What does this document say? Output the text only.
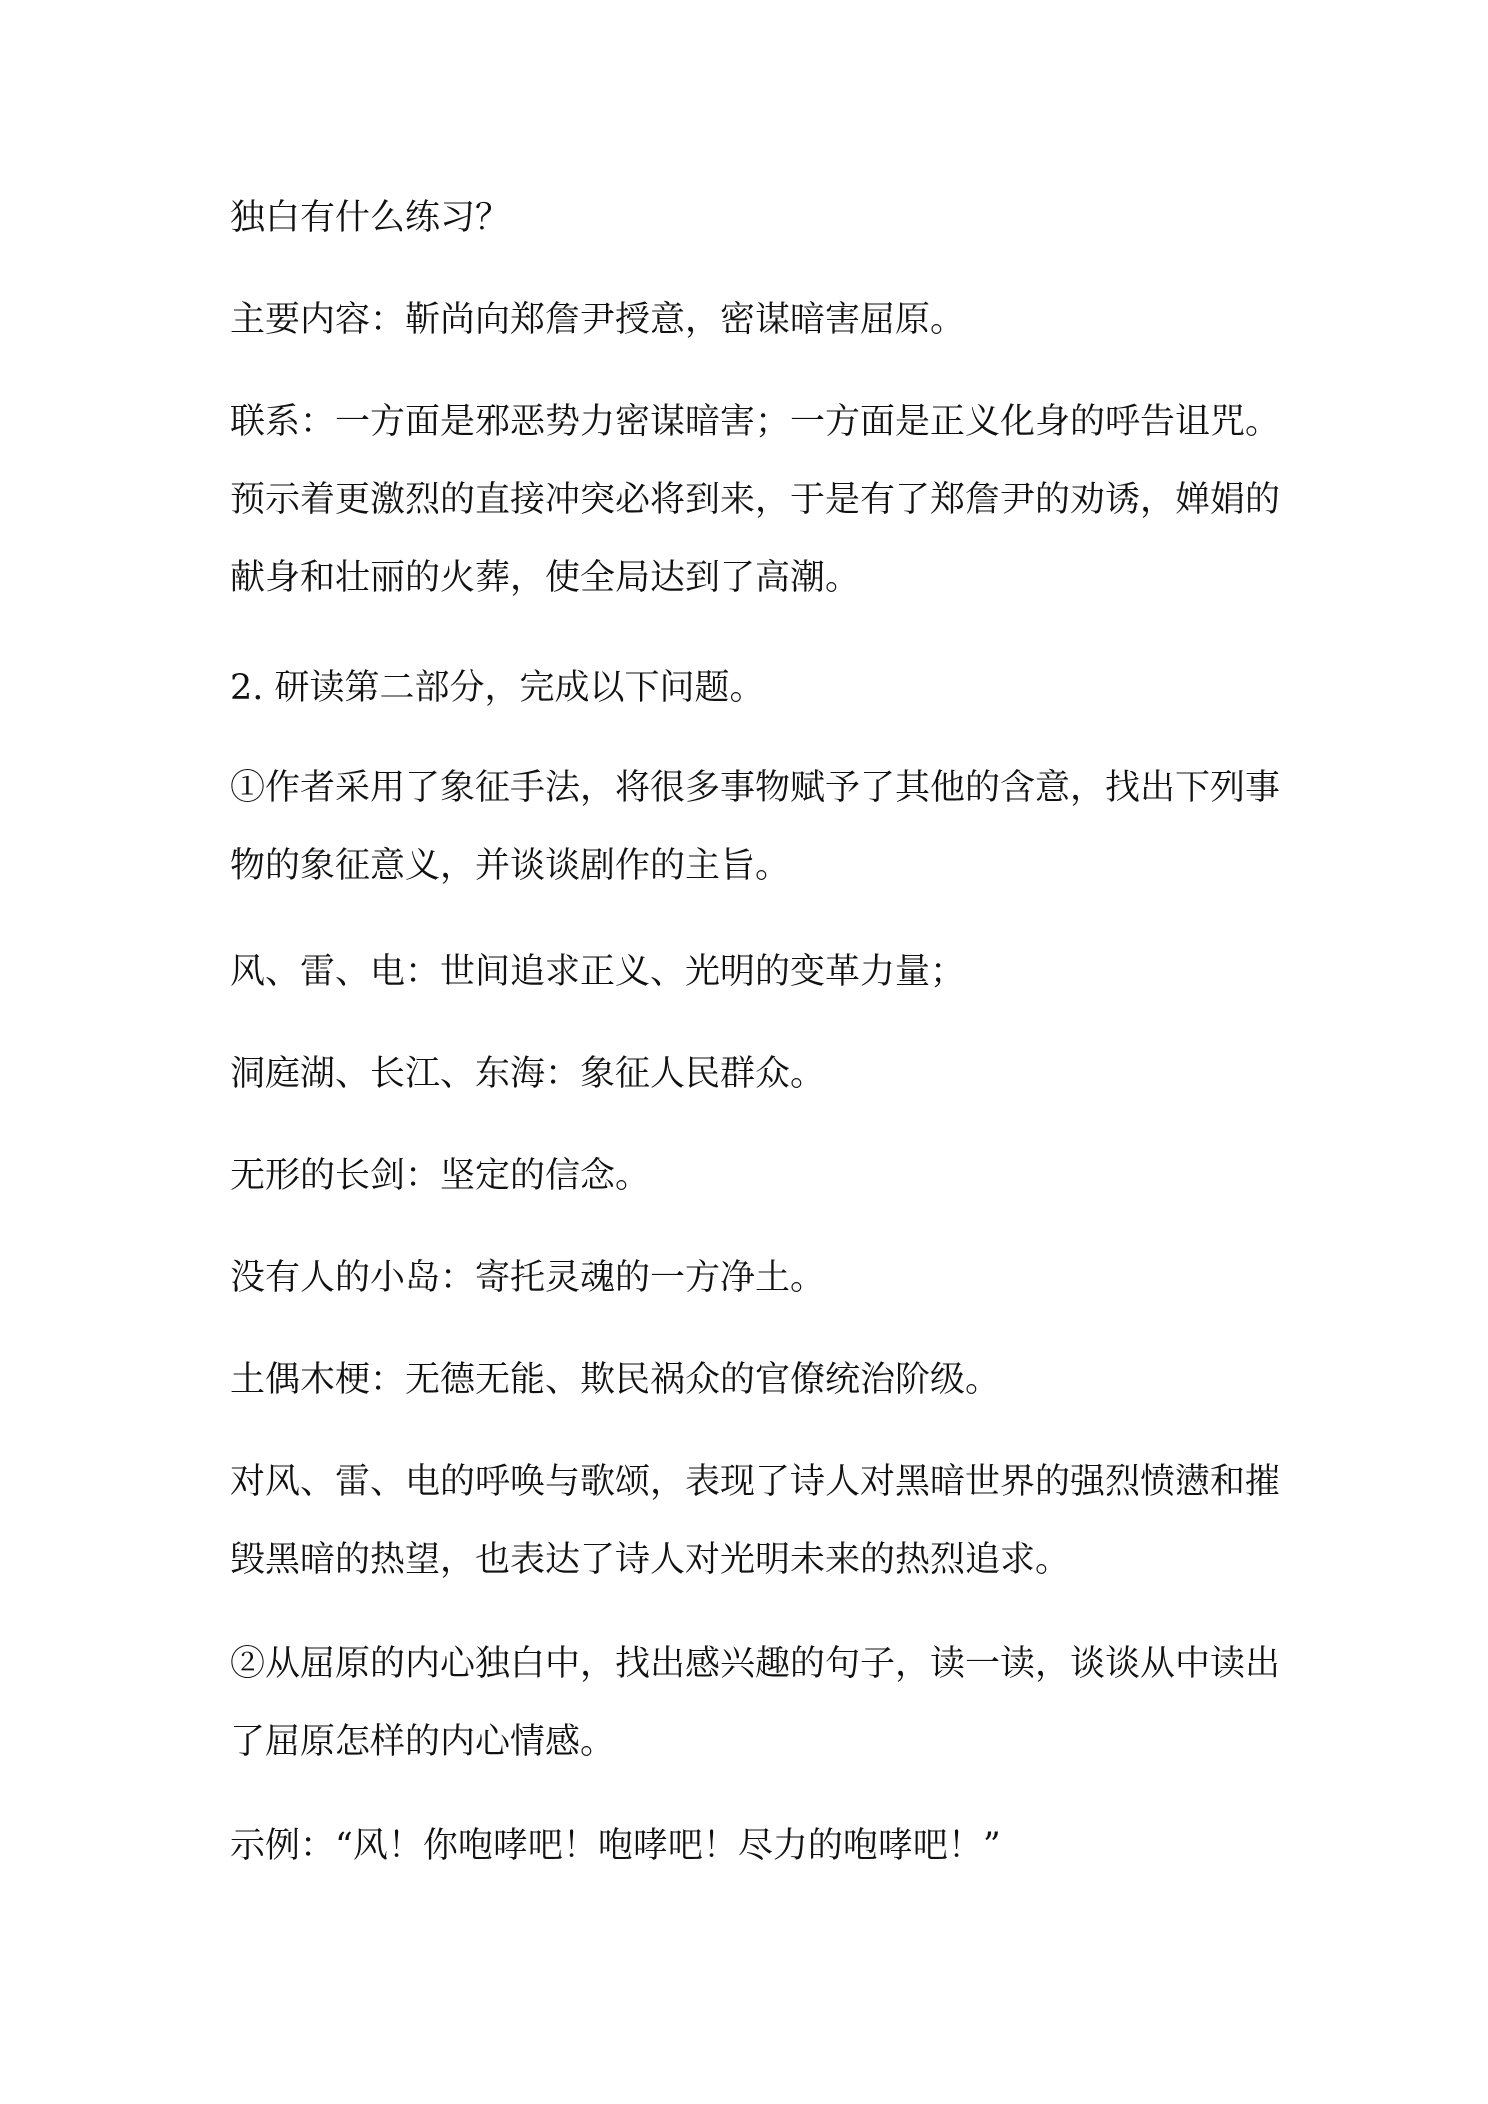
独白有什么练习？

主要内容：靳尚向郑詹尹授意，密谋暗害屈原。

联系：一方面是邪恶势力密谋暗害；一方面是正义化身的呼告诅咒。

预示着更激烈的直接冲突必将到来，于是有了郑詹尹的劝诱，婵娟的

献身和壮丽的火葬，使全局达到了高潮。

2. 研读第二部分，完成以下问题。

①作者采用了象征手法，将很多事物赋予了其他的含意，找出下列事

物的象征意义，并谈谈剧作的主旨。

风、雷、电：世间追求正义、光明的变革力量；

洞庭湖、长江、东海：象征人民群众。

无形的长剑：坚定的信念。

没有人的小岛：寄托灵魂的一方净土。

土偶木梗：无德无能、欺民祸众的官僚统治阶级。

对风、雷、电的呼唤与歌颂，表现了诗人对黑暗世界的强烈愤懑和摧

毁黑暗的热望，也表达了诗人对光明未来的热烈追求。

②从屈原的内心独白中，找出感兴趣的句子，读一读，谈谈从中读出

了屈原怎样的内心情感。

示例：“风！你咆哮吧！咆哮吧！尽力的咆哮吧！”
